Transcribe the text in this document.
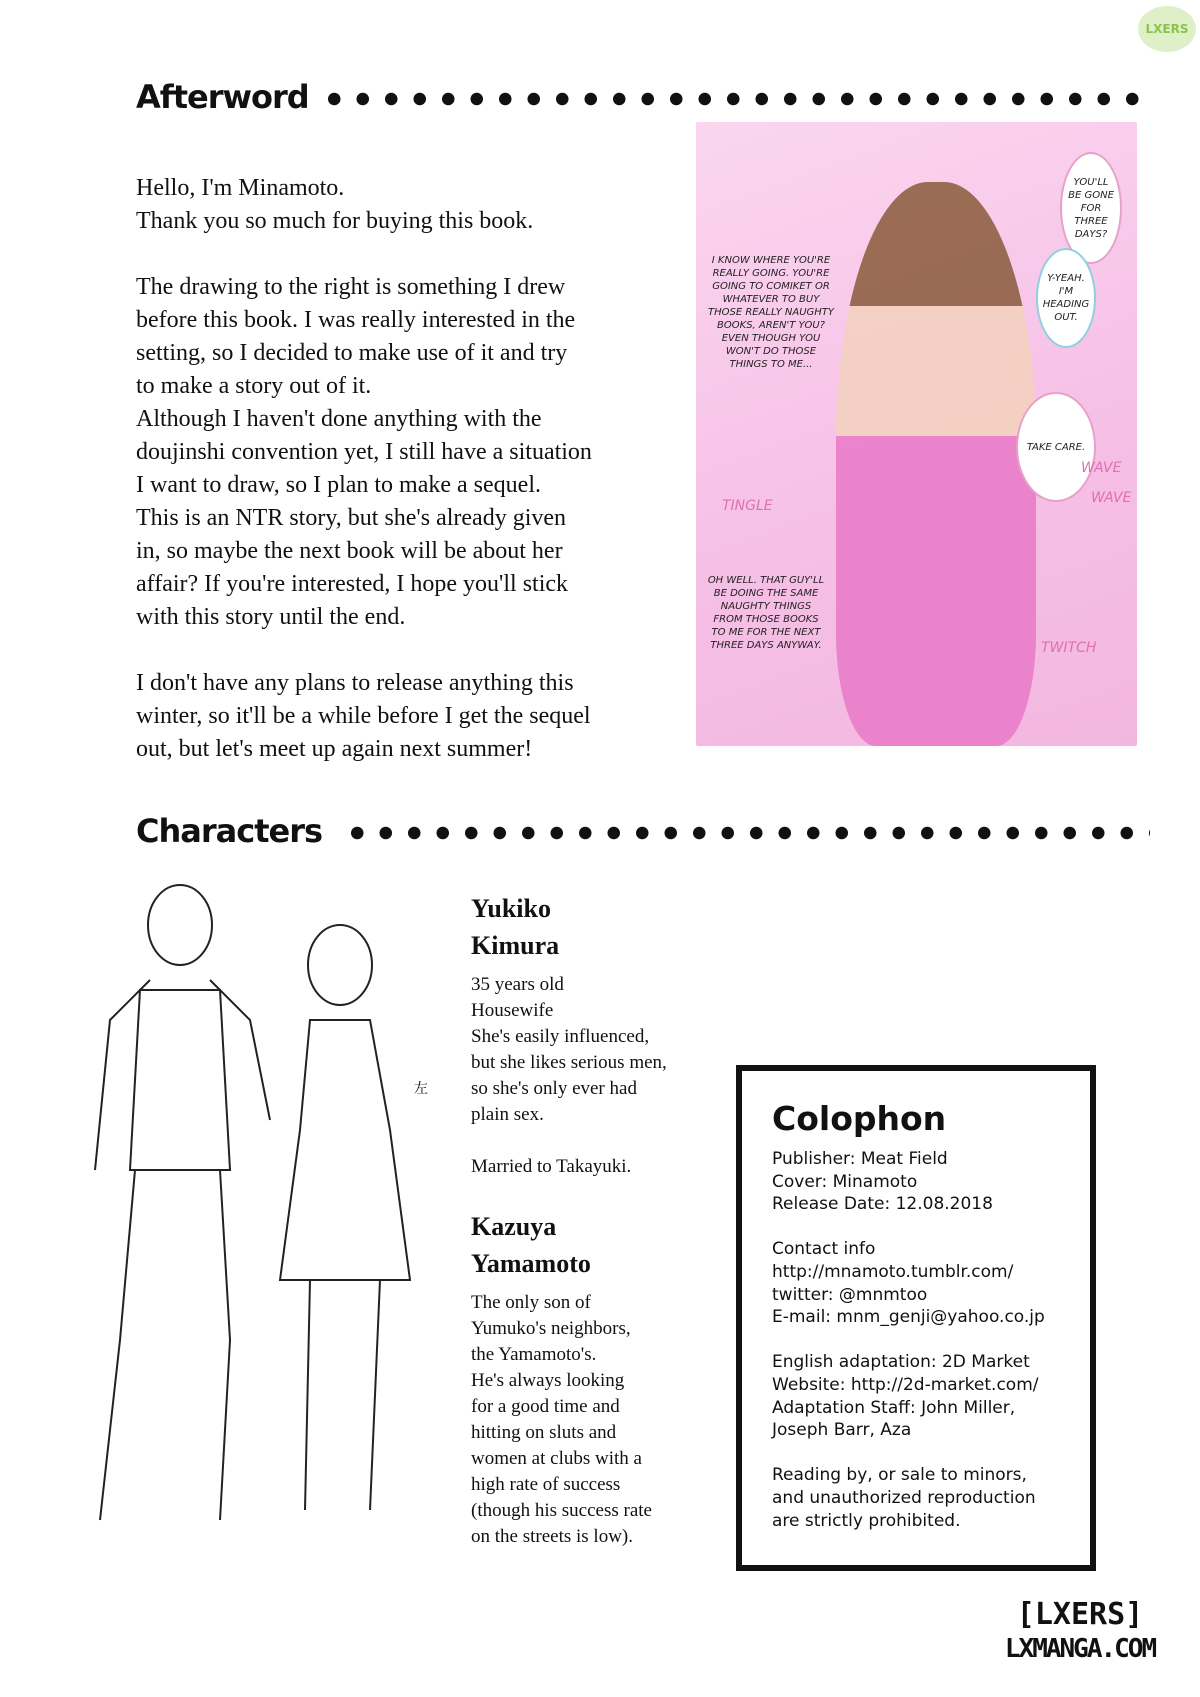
LXERS
Afterword

Hello, I'm Minamoto.
Thank you so much for buying this book.

The drawing to the right is something I drew
before this book. I was really interested in the
setting, so I decided to make use of it and try
to make a story out of it.
Although I haven't done anything with the
doujinshi convention yet, I still have a situation
I want to draw, so I plan to make a sequel.
This is an NTR story, but she's already given
in, so maybe the next book will be about her
affair? If you're interested, I hope you'll stick
with this story until the end.

I don't have any plans to release anything this
winter, so it'll be a while before I get the sequel
out, but let's meet up again next summer!

YOU'LL BE GONE FOR THREE DAYS?
Y-YEAH. I'M HEADING OUT.
TAKE CARE.
I KNOW WHERE YOU'RE REALLY GOING. YOU'RE GOING TO COMIKET OR WHATEVER TO BUY THOSE REALLY NAUGHTY BOOKS, AREN'T YOU? EVEN THOUGH YOU WON'T DO THOSE THINGS TO ME...
OH WELL. THAT GUY'LL BE DOING THE SAME NAUGHTY THINGS FROM THOSE BOOKS TO ME FOR THE NEXT THREE DAYS ANYWAY.
WAVE
WAVE
TINGLE
TWITCH
Characters
左
Yukiko
Kimura
35 years old
Housewife
She's easily influenced,
but she likes serious men,
so she's only ever had
plain sex.

Married to Takayuki.
Kazuya
Yamamoto
The only son of
Yumuko's neighbors,
the Yamamoto's.
He's always looking
for a good time and
hitting on sluts and
women at clubs with a
high rate of success
(though his success rate
on the streets is low).
Colophon
Publisher: Meat Field
Cover: Minamoto
Release Date: 12.08.2018

Contact info
http://mnamoto.tumblr.com/
twitter: @mnmtoo
E-mail: mnm_genji@yahoo.co.jp

English adaptation: 2D Market
Website: http://2d-market.com/
Adaptation Staff: John Miller,
Joseph Barr, Aza

Reading by, or sale to minors,
and unauthorized reproduction
are strictly prohibited.
[LXERS]
LXMANGA.COM
